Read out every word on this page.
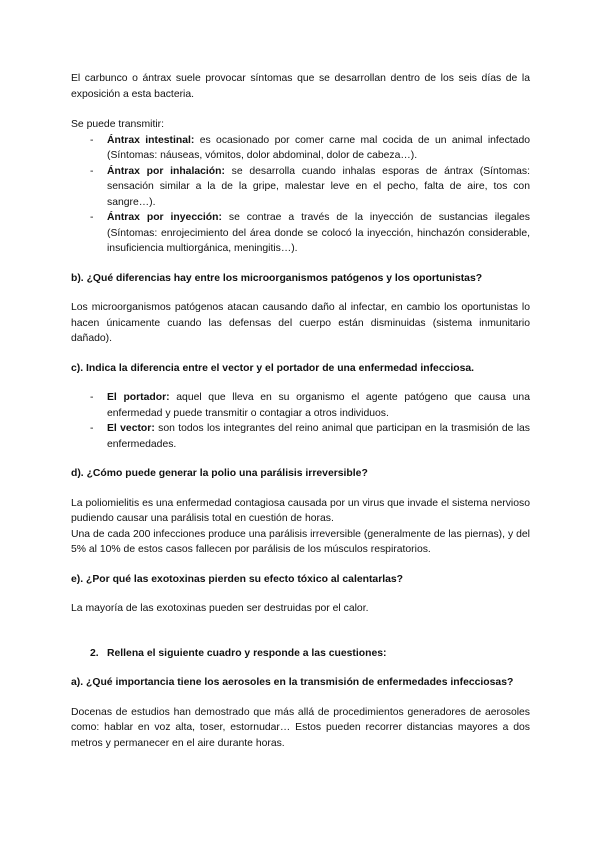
El carbunco o ántrax suele provocar síntomas que se desarrollan dentro de los seis días de la exposición a esta bacteria.

Se puede transmitir:

- Ántrax intestinal: es ocasionado por comer carne mal cocida de un animal infectado (Síntomas: náuseas, vómitos, dolor abdominal, dolor de cabeza…).
- Ántrax por inhalación: se desarrolla cuando inhalas esporas de ántrax (Síntomas: sensación similar a la de la gripe, malestar leve en el pecho, falta de aire, tos con sangre…).
- Ántrax por inyección: se contrae a través de la inyección de sustancias ilegales (Síntomas: enrojecimiento del área donde se colocó la inyección, hinchazón considerable, insuficiencia multiorgánica, meningitis…).

b). ¿Qué diferencias hay entre los microorganismos patógenos y los oportunistas?

Los microorganismos patógenos atacan causando daño al infectar, en cambio los oportunistas lo hacen únicamente cuando las defensas del cuerpo están disminuidas (sistema inmunitario dañado).

c). Indica la diferencia entre el vector y el portador de una enfermedad infecciosa.

- El portador: aquel que lleva en su organismo el agente patógeno que causa una enfermedad y puede transmitir o contagiar a otros individuos.
- El vector: son todos los integrantes del reino animal que participan en la trasmisión de las enfermedades.

d). ¿Cómo puede generar la polio una parálisis irreversible?

La poliomielitis es una enfermedad contagiosa causada por un virus que invade el sistema nervioso pudiendo causar una parálisis total en cuestión de horas.

Una de cada 200 infecciones produce una parálisis irreversible (generalmente de las piernas), y del 5% al 10% de estos casos fallecen por parálisis de los músculos respiratorios.

e). ¿Por qué las exotoxinas pierden su efecto tóxico al calentarlas?

La mayoría de las exotoxinas pueden ser destruidas por el calor.

2. Rellena el siguiente cuadro y responde a las cuestiones:

a). ¿Qué importancia tiene los aerosoles en la transmisión de enfermedades infecciosas?

Docenas de estudios han demostrado que más allá de procedimientos generadores de aerosoles como: hablar en voz alta, toser, estornudar… Estos pueden recorrer distancias mayores a dos metros y permanecer en el aire durante horas.
